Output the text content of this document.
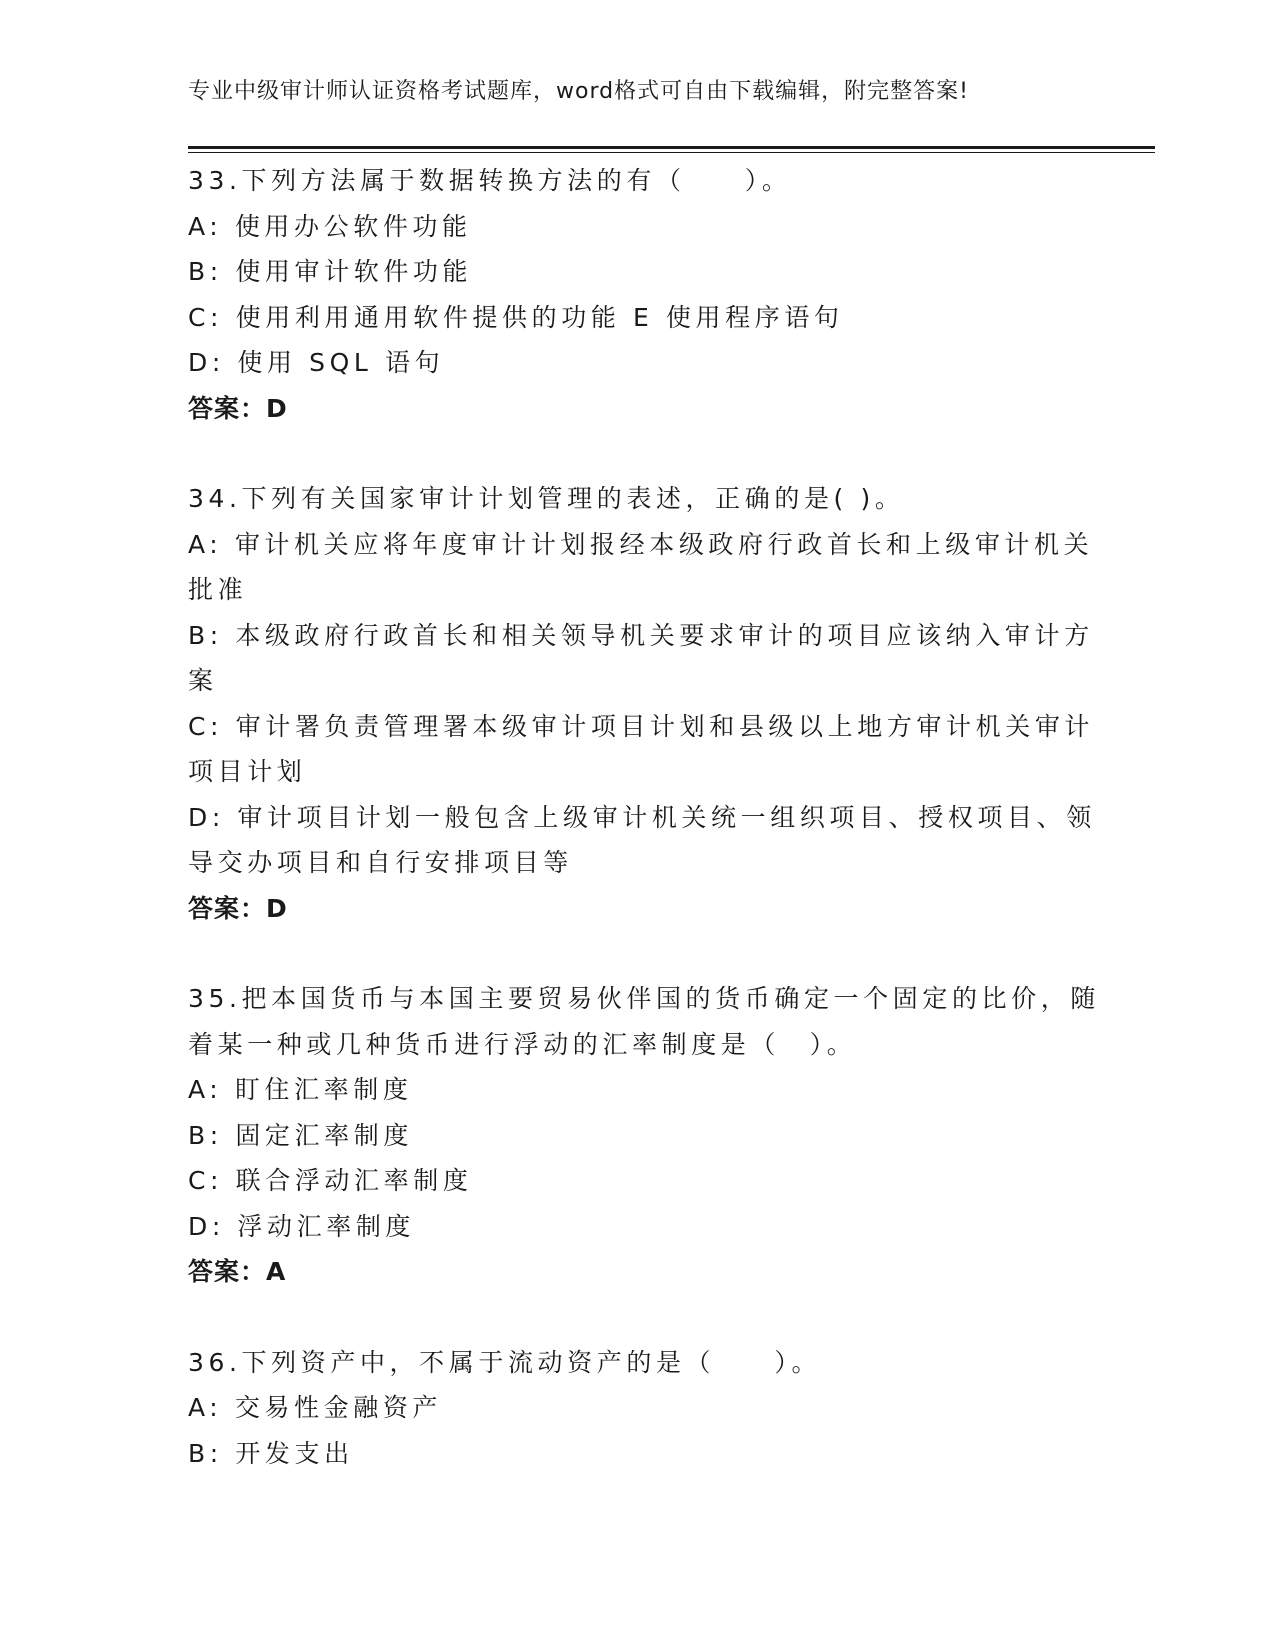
专业中级审计师认证资格考试题库，word格式可自由下载编辑，附完整答案!
33.下列方法属于数据转换方法的有（　　）。
A: 使用办公软件功能
B: 使用审计软件功能
C: 使用利用通用软件提供的功能 E 使用程序语句
D: 使用 SQL 语句
答案：D
34.下列有关国家审计计划管理的表述，正确的是( )。
A: 审计机关应将年度审计计划报经本级政府行政首长和上级审计机关
批准
B: 本级政府行政首长和相关领导机关要求审计的项目应该纳入审计方
案
C: 审计署负责管理署本级审计项目计划和县级以上地方审计机关审计
项目计划
D: 审计项目计划一般包含上级审计机关统一组织项目、授权项目、领
导交办项目和自行安排项目等
答案：D
35.把本国货币与本国主要贸易伙伴国的货币确定一个固定的比价，随
着某一种或几种货币进行浮动的汇率制度是（　）。
A: 盯住汇率制度
B: 固定汇率制度
C: 联合浮动汇率制度
D: 浮动汇率制度
答案：A
36.下列资产中，不属于流动资产的是（　　）。
A: 交易性金融资产
B: 开发支出
